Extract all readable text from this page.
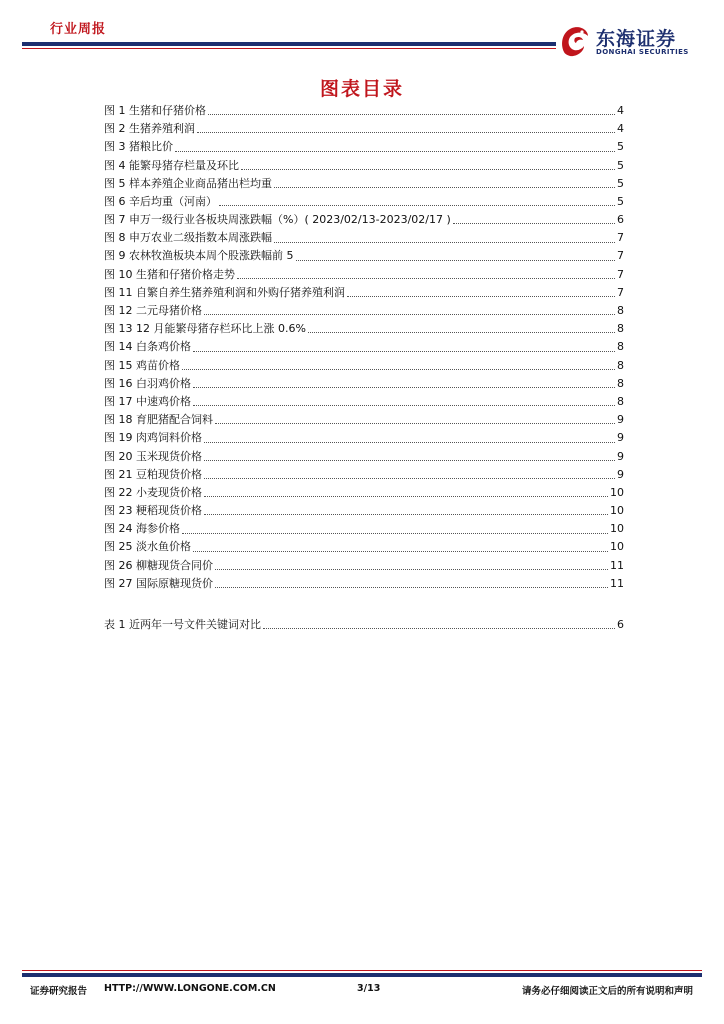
行业周报	东海证券
DONGHAI SECURITIES
图表目录
图 1 生猪和仔猪价格	4
图 2 生猪养殖利润	4
图 3 猪粮比价	5
图 4 能繁母猪存栏量及环比	5
图 5 样本养殖企业商品猪出栏均重	5
图 6 辛后均重（河南）	5
图 7 申万一级行业各板块周涨跌幅（%）( 2023/02/13-2023/02/17 )	6
图 8 申万农业二级指数本周涨跌幅	7
图 9 农林牧渔板块本周个股涨跌幅前 5	7
图 10 生猪和仔猪价格走势	7
图 11 自繁自养生猪养殖利润和外购仔猪养殖利润	7
图 12 二元母猪价格	8
图 13 12 月能繁母猪存栏环比上涨 0.6%	8
图 14 白条鸡价格	8
图 15 鸡苗价格	8
图 16 白羽鸡价格	8
图 17 中速鸡价格	8
图 18 育肥猪配合饲料	9
图 19 肉鸡饲料价格	9
图 20 玉米现货价格	9
图 21 豆粕现货价格	9
图 22 小麦现货价格	10
图 23 粳稻现货价格	10
图 24 海参价格	10
图 25 淡水鱼价格	10
图 26 柳糖现货合同价	11
图 27 国际原糖现货价	11
表 1 近两年一号文件关键词对比	6
证券研究报告 HTTP://WWW.LONGONE.COM.CN	3/13	请务必仔细阅读正文后的所有说明和声明
